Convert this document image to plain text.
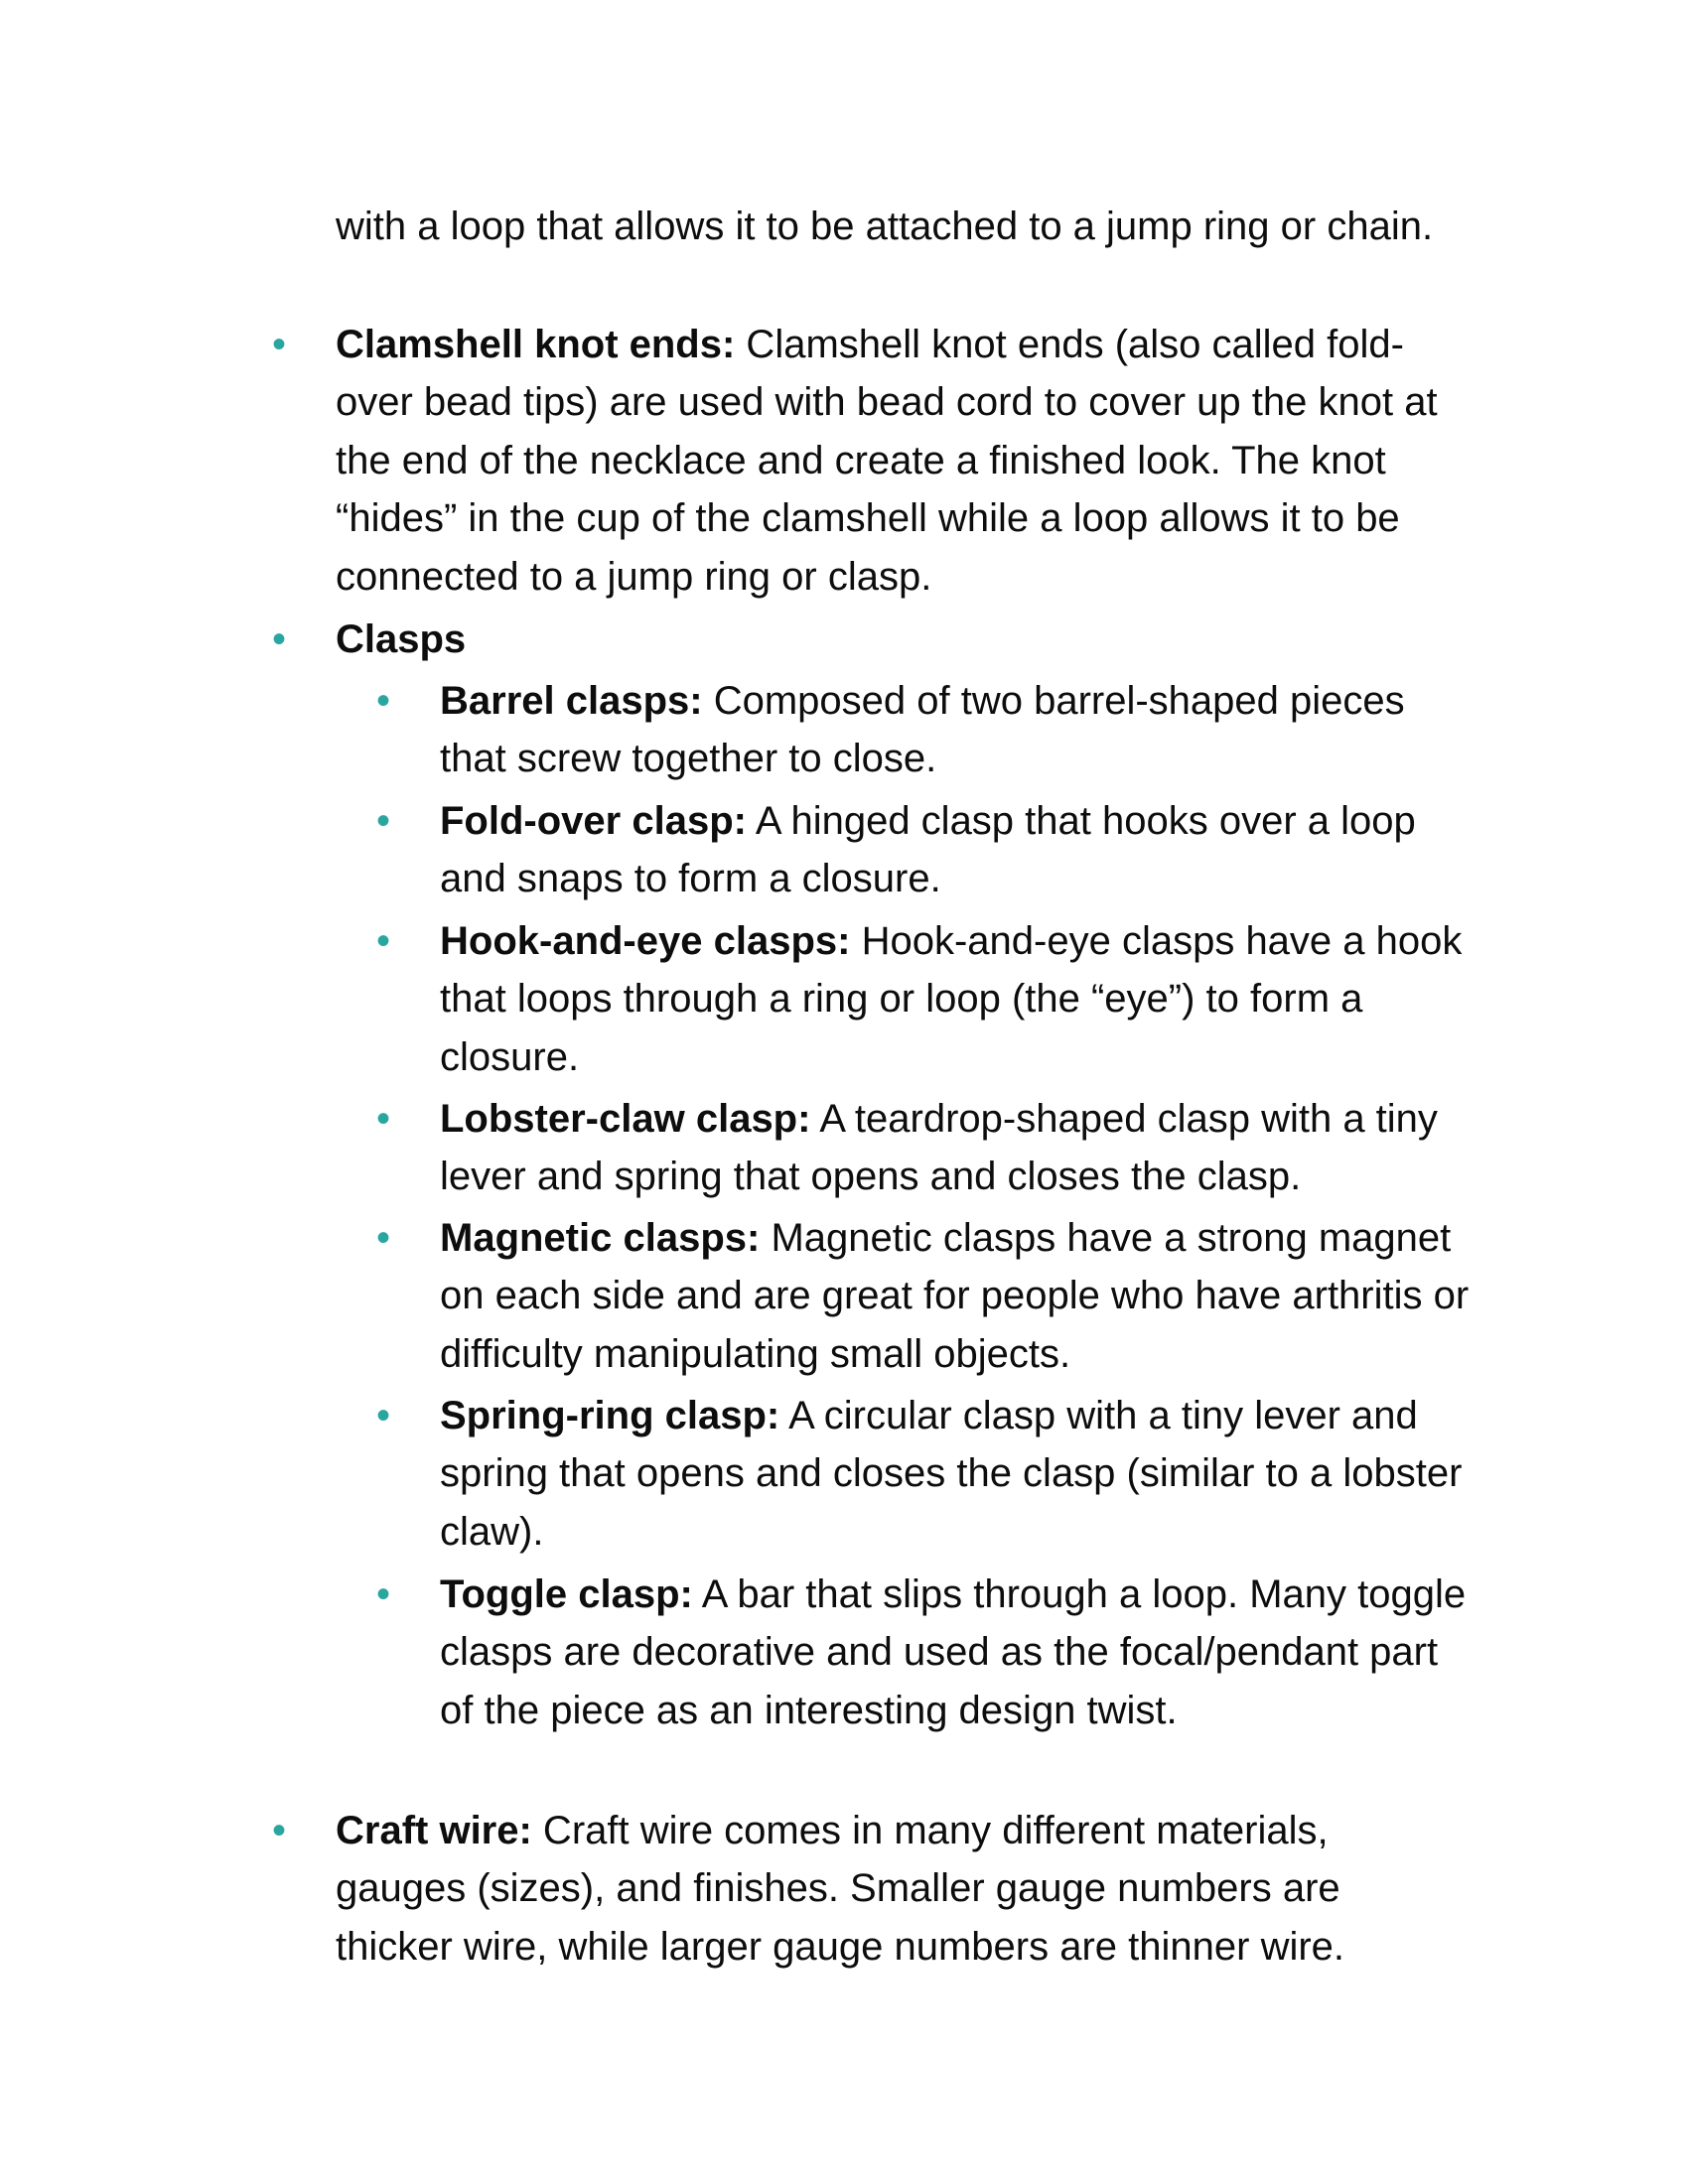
with a loop that allows it to be attached to a jump ring or chain.

• Clamshell knot ends: Clamshell knot ends (also called fold-over bead tips) are used with bead cord to cover up the knot at the end of the necklace and create a finished look. The knot “hides” in the cup of the clamshell while a loop allows it to be connected to a jump ring or clasp.
• Clasps
• Barrel clasps: Composed of two barrel-shaped pieces that screw together to close.
• Fold-over clasp: A hinged clasp that hooks over a loop and snaps to form a closure.
• Hook-and-eye clasps: Hook-and-eye clasps have a hook that loops through a ring or loop (the “eye”) to form a closure.
• Lobster-claw clasp: A teardrop-shaped clasp with a tiny lever and spring that opens and closes the clasp.
• Magnetic clasps: Magnetic clasps have a strong magnet on each side and are great for people who have arthritis or difficulty manipulating small objects.
• Spring-ring clasp: A circular clasp with a tiny lever and spring that opens and closes the clasp (similar to a lobster claw).
• Toggle clasp: A bar that slips through a loop. Many toggle clasps are decorative and used as the focal/pendant part of the piece as an interesting design twist.
• Craft wire: Craft wire comes in many different materials, gauges (sizes), and finishes. Smaller gauge numbers are thicker wire, while larger gauge numbers are thinner wire.
